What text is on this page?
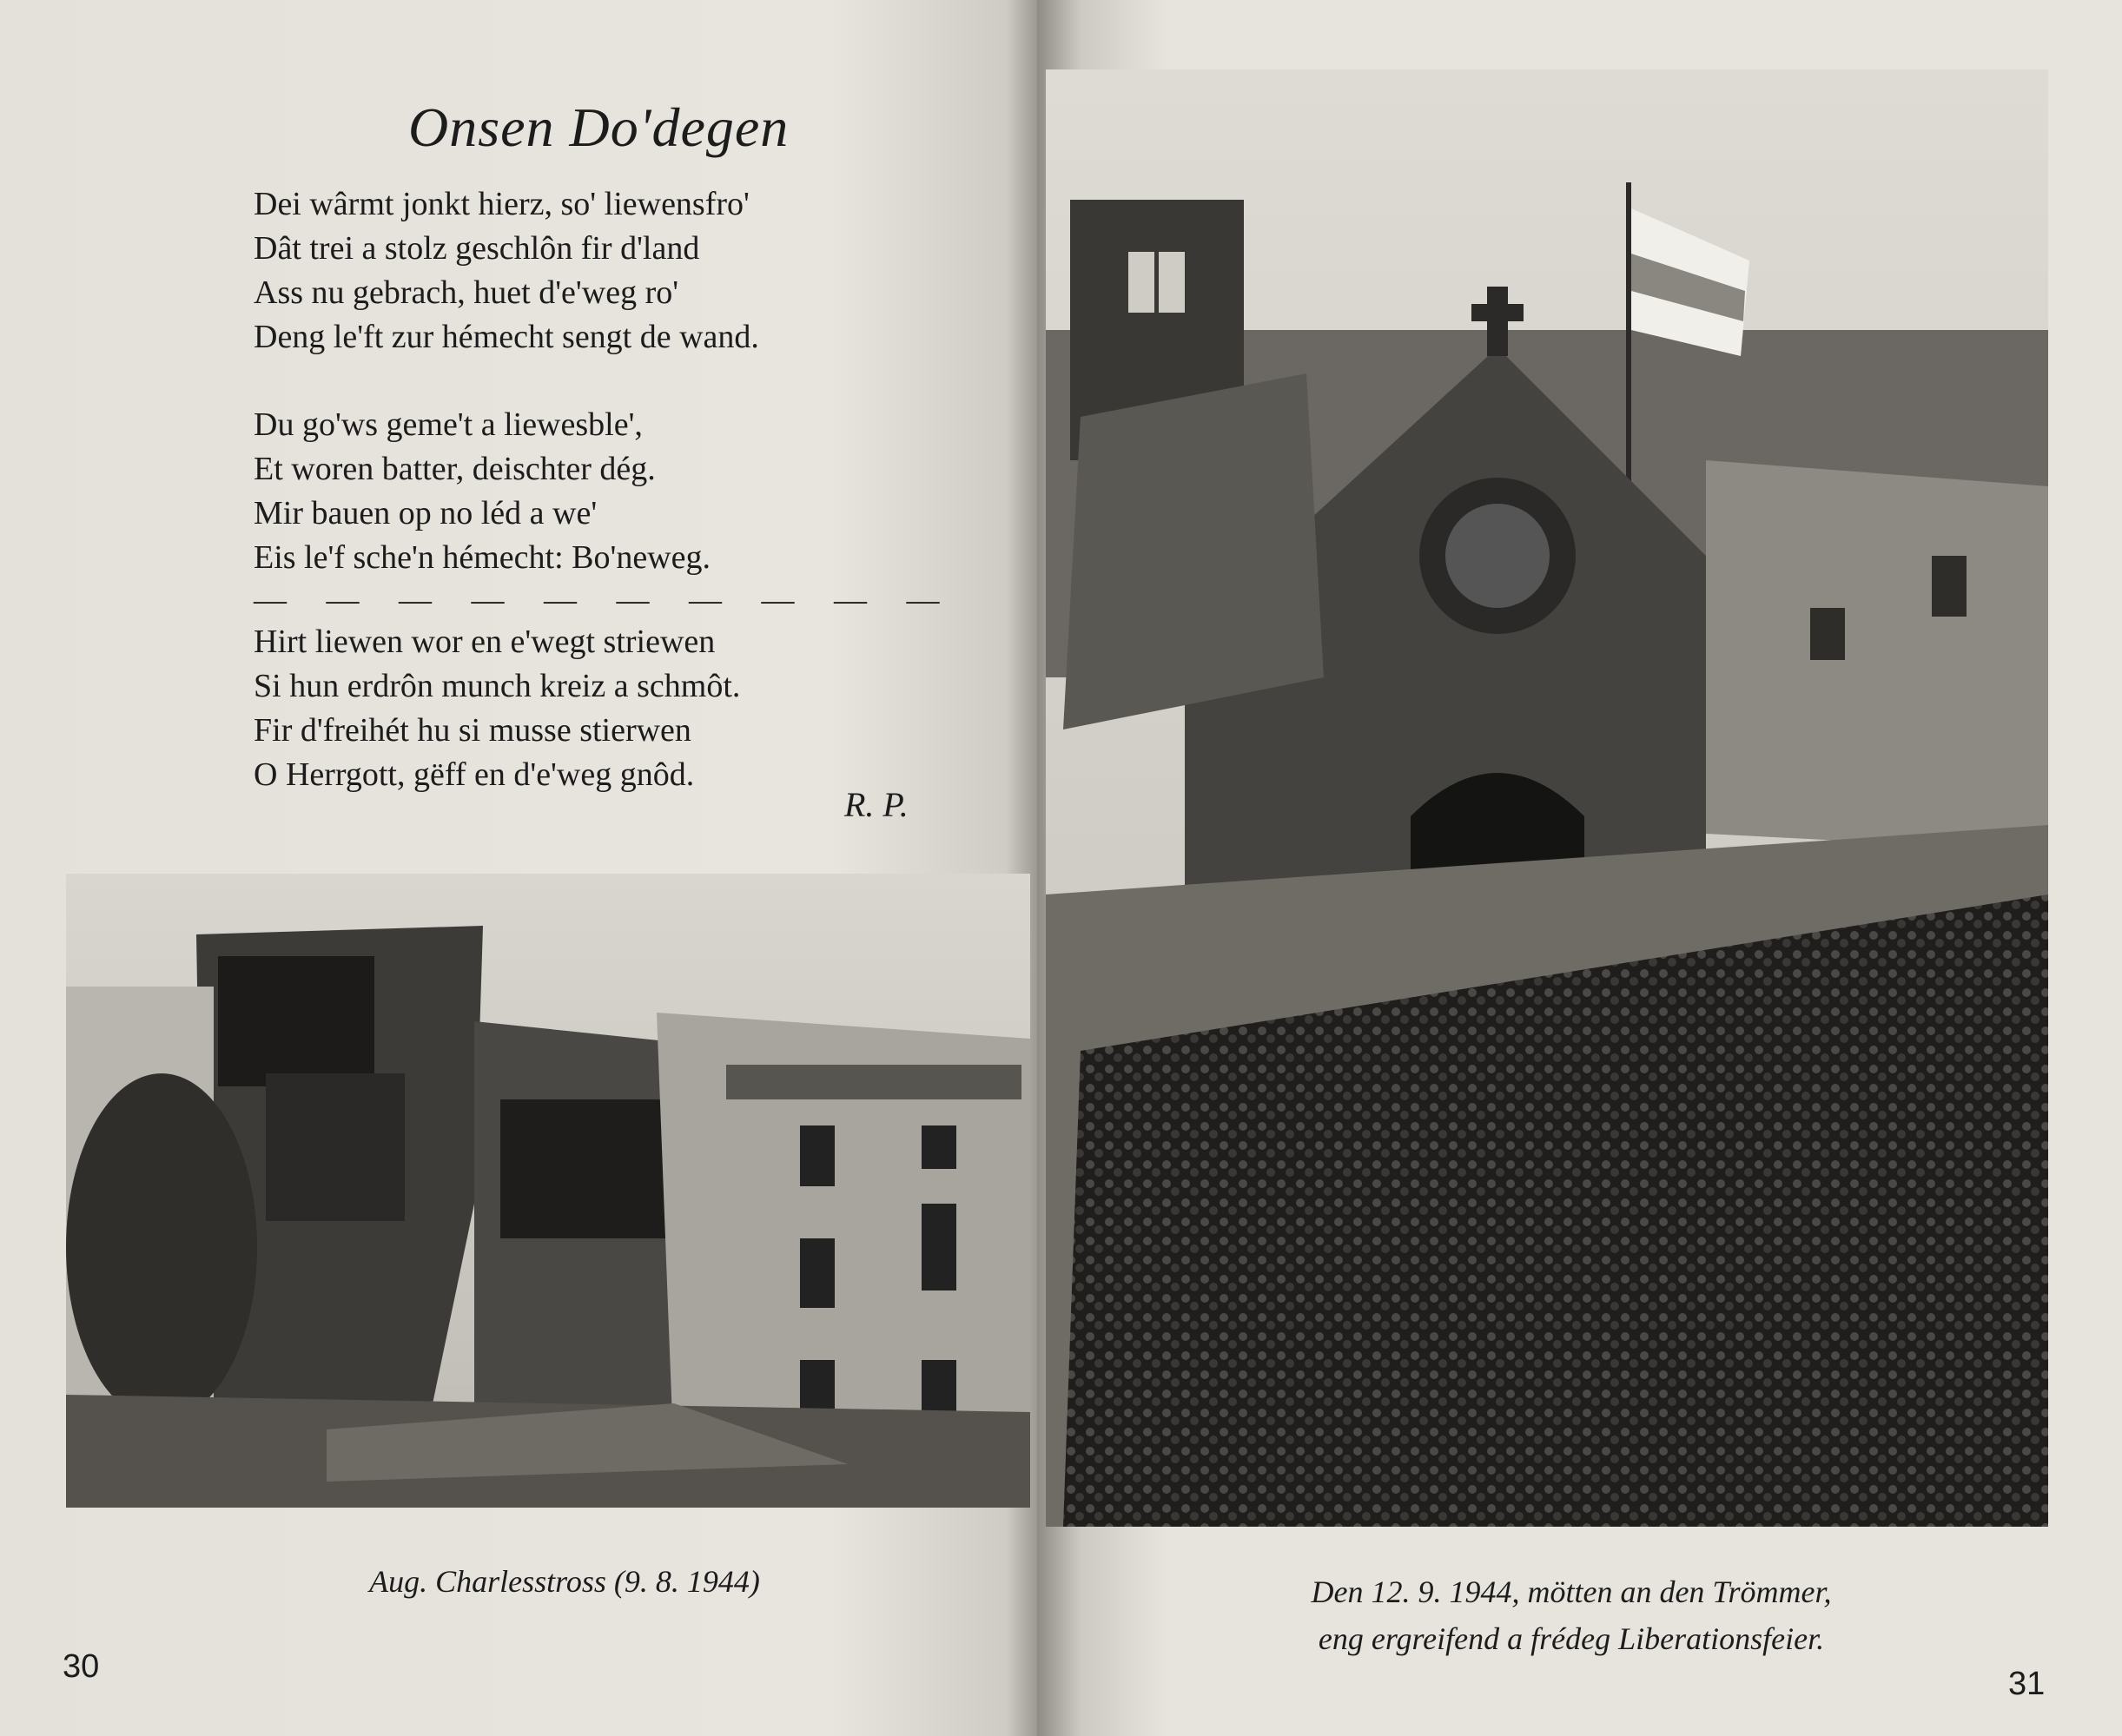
Onsen Do'degen
Dei wârmt jonkt hierz, so' liewensfro'
Dât trei a stolz geschlôn fir d'land
Ass nu gebrach, huet d'e'weg ro'
Deng le'ft zur hémecht sengt de wand.
Du go'ws geme't a liewesble',
Et woren batter, deischter dég.
Mir bauen op no léd a we'
Eis le'f sche'n hémecht: Bo'neweg.
— — — — — — — — — —
Hirt liewen wor en e'wegt striewen
Si hun erdrôn munch kreiz a schmôt.
Fir d'freihét hu si musse stierwen
O Herrgott, gëff en d'e'weg gnôd.
R. P.
Aug. Charlesstross (9. 8. 1944)
30
Den 12. 9. 1944, mötten an den Trömmer,
eng ergreifend a frédeg Liberationsfeier.
31
